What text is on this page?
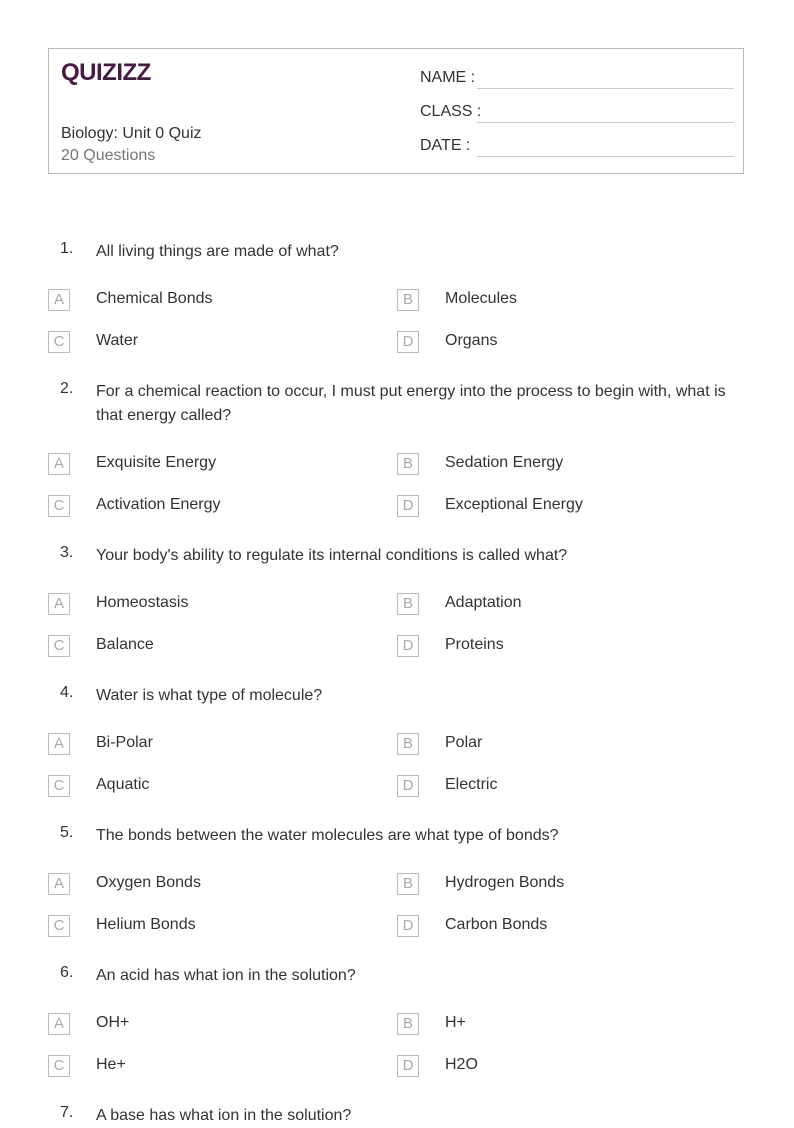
QUIZIZZ
Biology: Unit 0 Quiz
20 Questions
NAME :
CLASS :
DATE :
1. All living things are made of what?
A	Chemical Bonds	B	Molecules
C	Water	D	Organs
2. For a chemical reaction to occur, I must put energy into the process to begin with, what is that energy called?
A	Exquisite Energy	B	Sedation Energy
C	Activation Energy	D	Exceptional Energy
3. Your body's ability to regulate its internal conditions is called what?
A	Homeostasis	B	Adaptation
C	Balance	D	Proteins
4. Water is what type of molecule?
A	Bi-Polar	B	Polar
C	Aquatic	D	Electric
5. The bonds between the water molecules are what type of bonds?
A	Oxygen Bonds	B	Hydrogen Bonds
C	Helium Bonds	D	Carbon Bonds
6. An acid has what ion in the solution?
A	OH+	B	H+
C	He+	D	H2O
7. A base has what ion in the solution?
